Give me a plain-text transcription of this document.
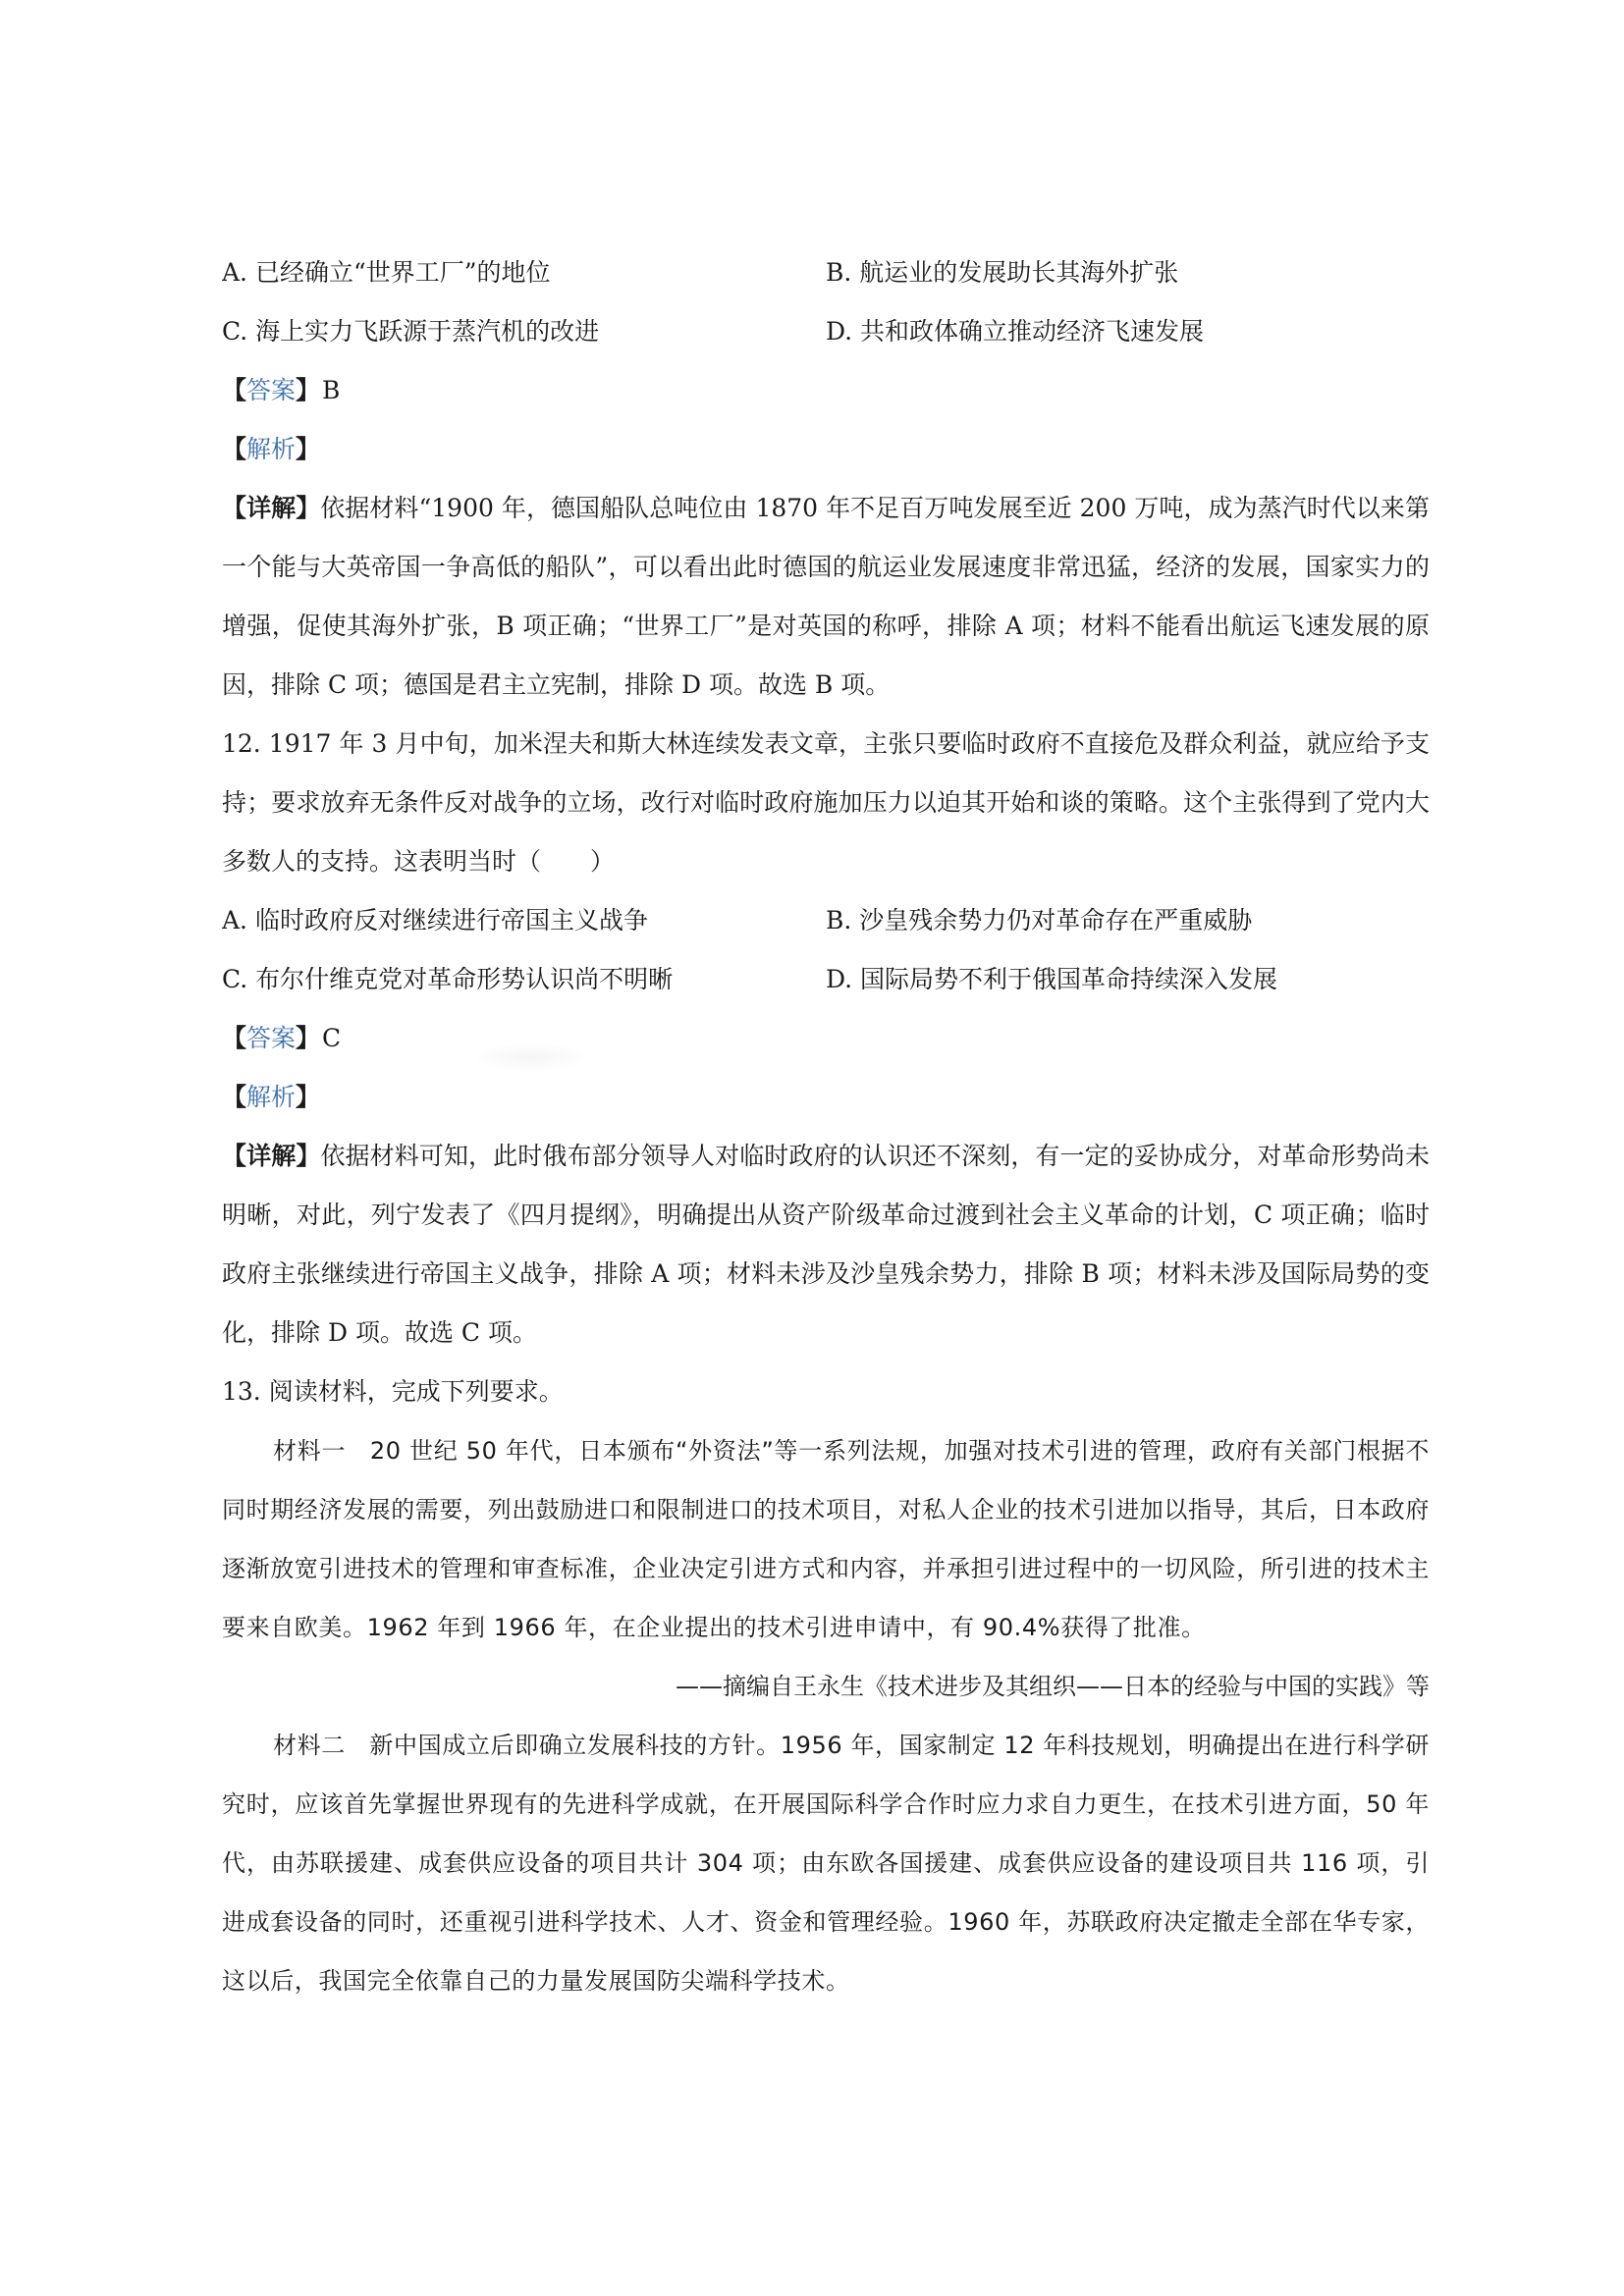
A. 已经确立“世界工厂”的地位	B. 航运业的发展助长其海外扩张
C. 海上实力飞跃源于蒸汽机的改进	D. 共和政体确立推动经济飞速发展
【答案】B
【解析】
【详解】依据材料“1900 年，德国船队总吨位由 1870 年不足百万吨发展至近 200 万吨，成为蒸汽时代以来第一个能与大英帝国一争高低的船队”，可以看出此时德国的航运业发展速度非常迅猛，经济的发展，国家实力的增强，促使其海外扩张，B 项正确；“世界工厂”是对英国的称呼，排除 A 项；材料不能看出航运飞速发展的原因，排除 C 项；德国是君主立宪制，排除 D 项。故选 B 项。
12. 1917 年 3 月中旬，加米涅夫和斯大林连续发表文章，主张只要临时政府不直接危及群众利益，就应给予支持；要求放弃无条件反对战争的立场，改行对临时政府施加压力以迫其开始和谈的策略。这个主张得到了党内大多数人的支持。这表明当时（　　）
A. 临时政府反对继续进行帝国主义战争	B. 沙皇残余势力仍对革命存在严重威胁
C. 布尔什维克党对革命形势认识尚不明晰	D. 国际局势不利于俄国革命持续深入发展
【答案】C
【解析】
【详解】依据材料可知，此时俄布部分领导人对临时政府的认识还不深刻，有一定的妥协成分，对革命形势尚未明晰，对此，列宁发表了《四月提纲》，明确提出从资产阶级革命过渡到社会主义革命的计划，C 项正确；临时政府主张继续进行帝国主义战争，排除 A 项；材料未涉及沙皇残余势力，排除 B 项；材料未涉及国际局势的变化，排除 D 项。故选 C 项。
13. 阅读材料，完成下列要求。
材料一　20 世纪 50 年代，日本颁布“外资法”等一系列法规，加强对技术引进的管理，政府有关部门根据不同时期经济发展的需要，列出鼓励进口和限制进口的技术项目，对私人企业的技术引进加以指导，其后，日本政府逐渐放宽引进技术的管理和审查标准，企业决定引进方式和内容，并承担引进过程中的一切风险，所引进的技术主要来自欧美。1962 年到 1966 年，在企业提出的技术引进申请中，有 90.4%获得了批准。
——摘编自王永生《技术进步及其组织——日本的经验与中国的实践》等
材料二　新中国成立后即确立发展科技的方针。1956 年，国家制定 12 年科技规划，明确提出在进行科学研究时，应该首先掌握世界现有的先进科学成就，在开展国际科学合作时应力求自力更生，在技术引进方面，50 年代，由苏联援建、成套供应设备的项目共计 304 项；由东欧各国援建、成套供应设备的建设项目共 116 项，引进成套设备的同时，还重视引进科学技术、人才、资金和管理经验。1960 年，苏联政府决定撤走全部在华专家，这以后，我国完全依靠自己的力量发展国防尖端科学技术。
